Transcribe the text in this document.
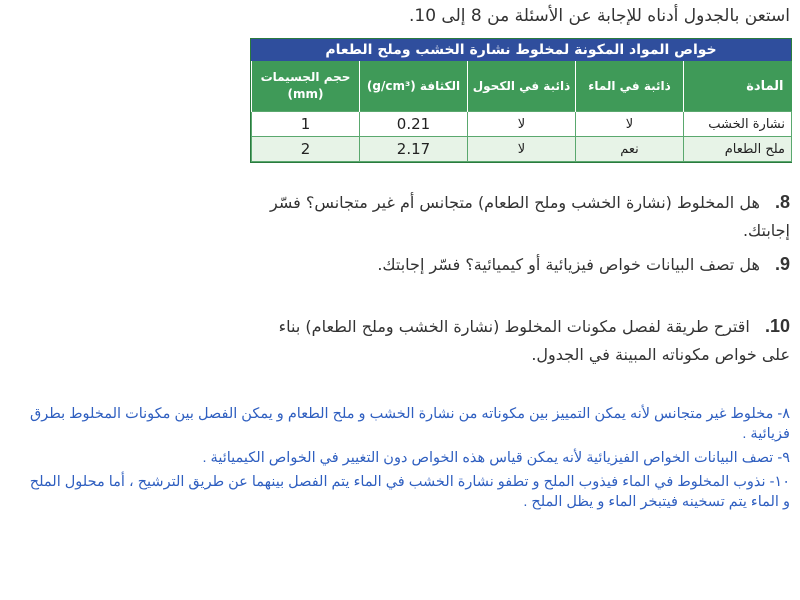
استعن بالجدول أدناه للإجابة عن الأسئلة من 8 إلى 10.
خواص المواد المكونة لمخلوط نشارة الخشب وملح الطعام
المادة	ذائبة في الماء	ذائبة في الكحول	الكثافة (g/cm³)	حجم الجسيمات (mm)
نشارة الخشب	لا	لا	0.21	1
ملح الطعام	نعم	لا	2.17	2
8. هل المخلوط (نشارة الخشب وملح الطعام) متجانس أم غير متجانس؟ فسّر إجابتك.
9. هل تصف البيانات خواص فيزيائية أو كيميائية؟ فسّر إجابتك.
10. اقترح طريقة لفصل مكونات المخلوط (نشارة الخشب وملح الطعام) بناء على خواص مكوناته المبينة في الجدول.
٨- مخلوط غير متجانس لأنه يمكن التمييز بين مكوناته من نشارة الخشب و ملح الطعام و يمكن الفصل بين مكونات المخلوط بطرق فزيائية .
٩- تصف البيانات الخواص الفيزيائية لأنه يمكن قياس هذه الخواص دون التغيير في الخواص الكيميائية .
١٠- نذوب المخلوط في الماء فيذوب الملح و تطفو نشارة الخشب في الماء يتم الفصل بينهما عن طريق الترشيح ، أما محلول الملح و الماء يتم تسخينه فيتبخر الماء و يظل الملح .
